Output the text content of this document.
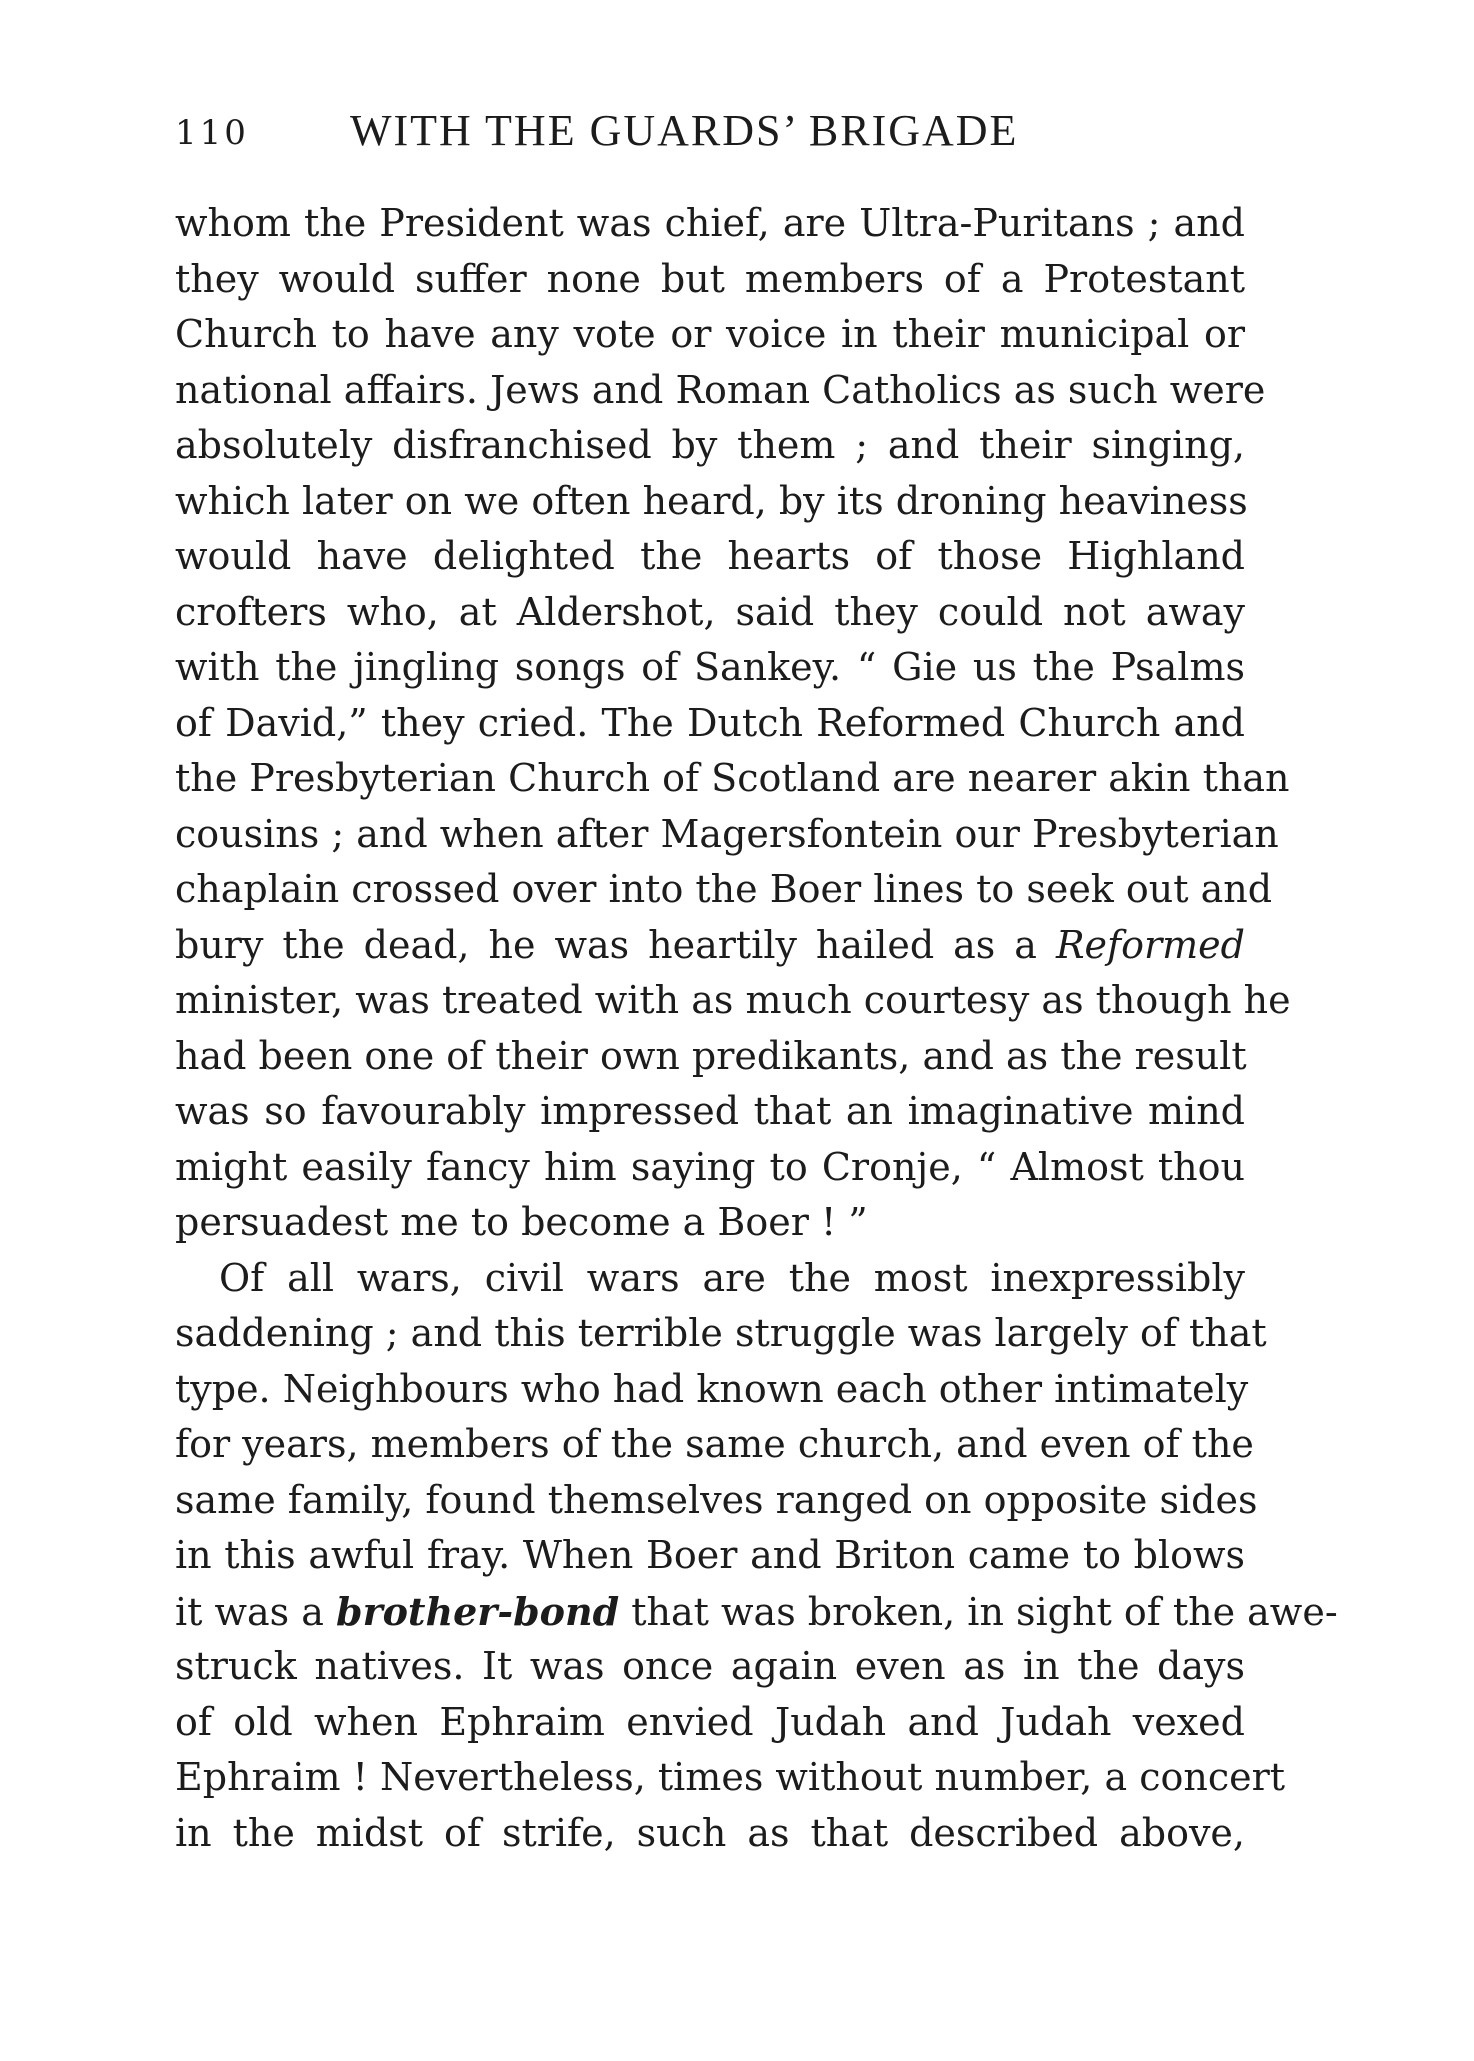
110 WITH THE GUARDS’ BRIGADE
whom the President was chief, are Ultra-Puritans ; and
they would suffer none but members of a Protestant
Church to have any vote or voice in their municipal or
national affairs. Jews and Roman Catholics as such were
absolutely disfranchised by them ; and their singing,
which later on we often heard, by its droning heaviness
would have delighted the hearts of those Highland
crofters who, at Aldershot, said they could not away
with the jingling songs of Sankey. “ Gie us the Psalms
of David,” they cried. The Dutch Reformed Church and
the Presbyterian Church of Scotland are nearer akin than
cousins ; and when after Magersfontein our Presbyterian
chaplain crossed over into the Boer lines to seek out and
bury the dead, he was heartily hailed as a Reformed
minister, was treated with as much courtesy as though he
had been one of their own predikants, and as the result
was so favourably impressed that an imaginative mind
might easily fancy him saying to Cronje, “ Almost thou
persuadest me to become a Boer ! ”
Of all wars, civil wars are the most inexpressibly
saddening ; and this terrible struggle was largely of that
type. Neighbours who had known each other intimately
for years, members of the same church, and even of the
same family, found themselves ranged on opposite sides
in this awful fray. When Boer and Briton came to blows
it was a brother-bond that was broken, in sight of the awe-
struck natives. It was once again even as in the days
of old when Ephraim envied Judah and Judah vexed
Ephraim ! Nevertheless, times without number, a concert
in the midst of strife, such as that described above,
